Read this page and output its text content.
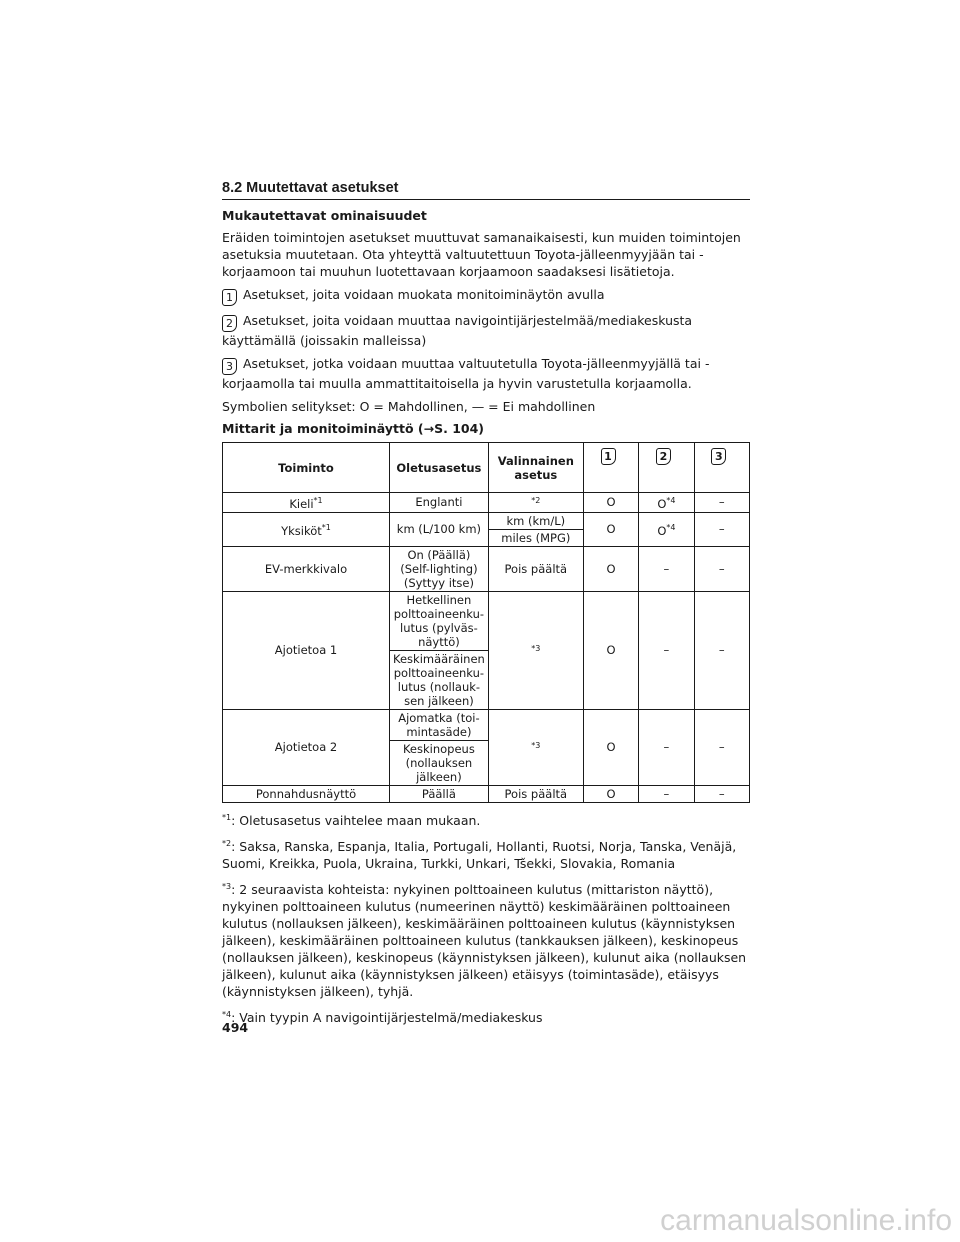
8.2 Muutettavat asetukset
Mukautettavat ominaisuudet

Eräiden toimintojen asetukset muuttuvat samanaikaisesti, kun muiden toimintojen asetuksia muutetaan. Ota yhteyttä valtuutettuun Toyota-jälleenmyyjään tai -korjaamoon tai muuhun luotettavaan korjaamoon saadaksesi lisätietoja.

1 Asetukset, joita voidaan muokata monitoiminäytön avulla

2 Asetukset, joita voidaan muuttaa navigointijärjestelmää/mediakeskusta käyttämällä (joissakin malleissa)

3 Asetukset, jotka voidaan muuttaa valtuutetulla Toyota-jälleenmyyjällä tai -korjaamolla tai muulla ammattitaitoisella ja hyvin varustetulla korjaamolla.

Symbolien selitykset: O = Mahdollinen, — = Ei mahdollinen

Mittarit ja monitoiminäyttö (→S. 104)
Toiminto	Oletusasetus	Valinnainen asetus	1	2	3
Kieli$^{*1}$	Englanti	$^{*2}$	O	$O^{*4}$	–
Yksiköt$^{*1}$	km (L/100 km)	km (km/L)	O	$O^{*4}$	–
		miles (MPG)			
EV-merkkivalo	On (Päällä) (Self-lighting) (Syttyy itse)	Pois päältä	O	–	–
Ajotietoa 1	Hetkellinen polttoaineenku-lutus (pylväs-näyttö)	$^{*3}$	O	–	–
	Keskimääräinen polttoaineenku-lutus (nollauk-sen jälkeen)				
Ajotietoa 2	Ajomatka (toi-mintasäde)	$^{*3}$	O	–	–
	Keskinopeus (nollauksen jälkeen)				
Ponnahdusnäyttö	Päällä	Pois päältä	O	–	–
$^{*1}$: Oletusasetus vaihtelee maan mukaan.
$^{*2}$: Saksa, Ranska, Espanja, Italia, Portugali, Hollanti, Ruotsi, Norja, Tanska, Venäjä, Suomi, Kreikka, Puola, Ukraina, Turkki, Unkari, Tšekki, Slovakia, Romania
$^{*3}$: 2 seuraavista kohteista: nykyinen polttoaineen kulutus (mittariston näyttö), nykyinen polttoaineen kulutus (numeerinen näyttö) keskimääräinen polttoaineen kulutus (nollauksen jälkeen), keskimääräinen polttoaineen kulutus (käynnistyksen jälkeen), keskimääräinen polttoaineen kulutus (tankkauksen jälkeen), keskinopeus (nollauksen jälkeen), keskinopeus (käynnistyksen jälkeen), kulunut aika (nollauksen jälkeen), kulunut aika (käynnistyksen jälkeen) etäisyys (toimintasäde), etäisyys (käynnistyksen jälkeen), tyhjä.
$^{*4}$: Vain tyypin A navigointijärjestelmä/mediakeskus
494
carmanualsonline.info
